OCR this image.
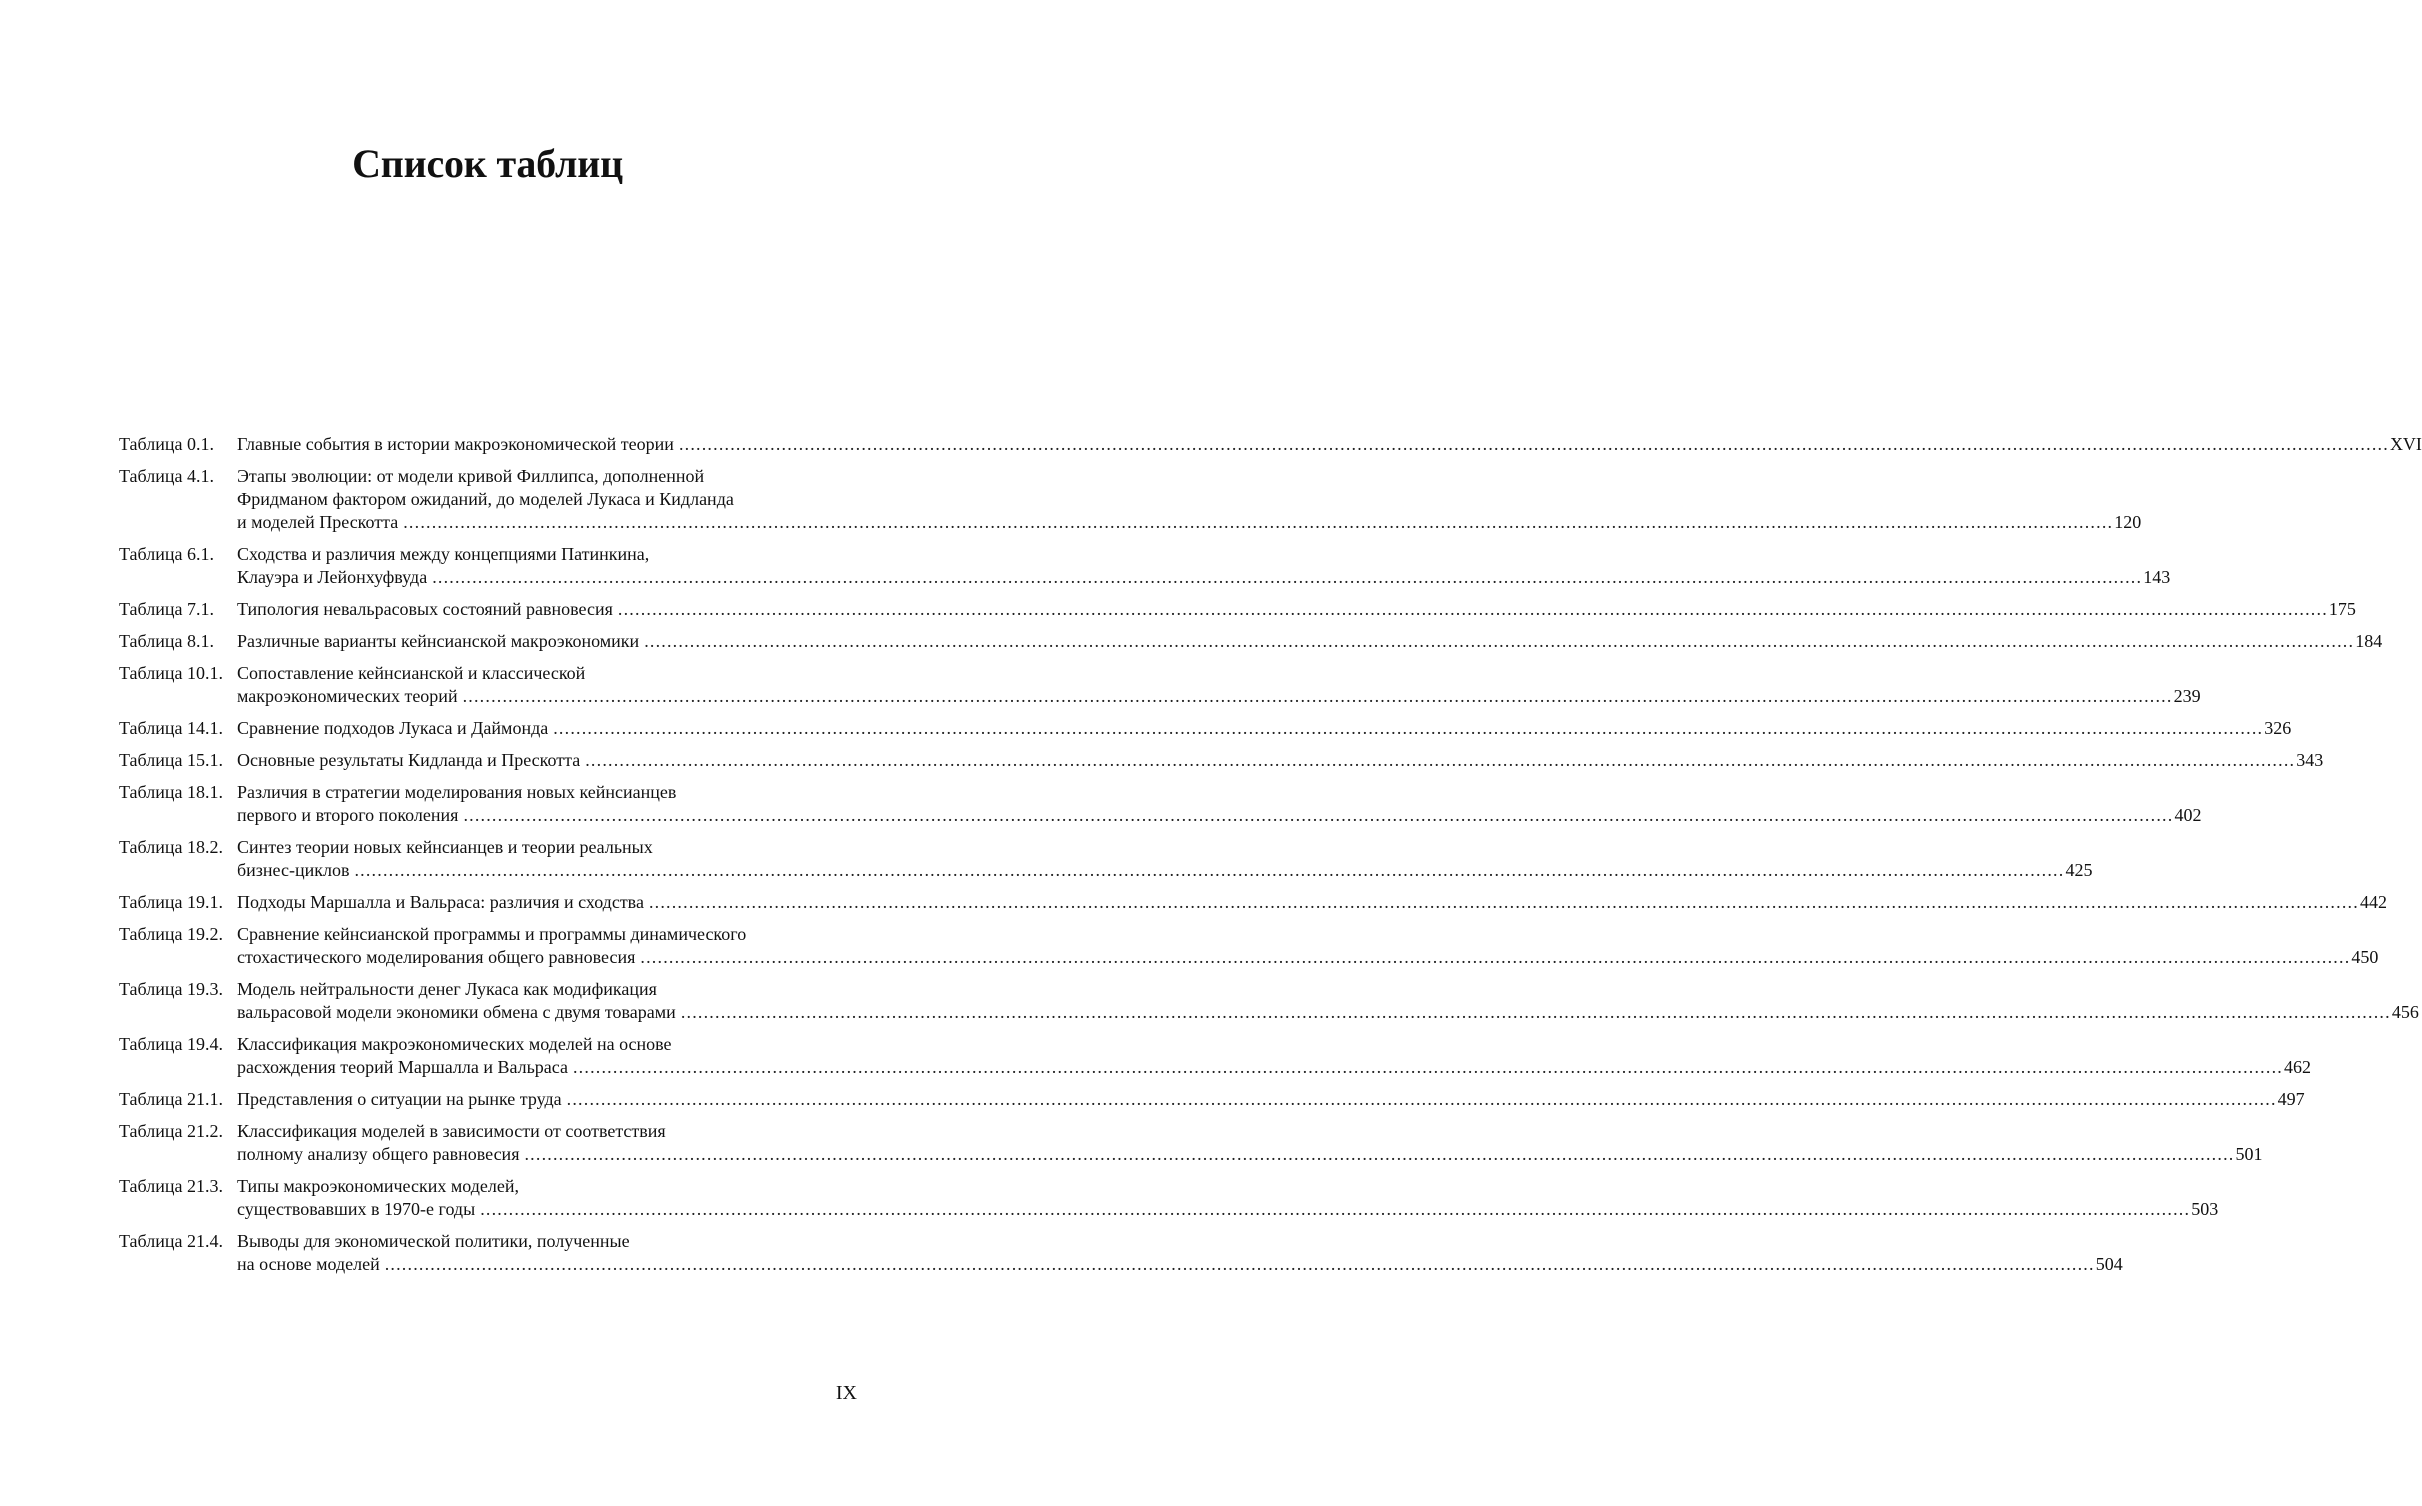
Список таблиц
Таблица 0.1.	Главные события в истории макроэкономической теории ............................................................................................................................................................................................................................................................................................................ XVI
Таблица 4.1.	Этапы эволюции: от модели кривой Филлипса, дополненной
Фридманом фактором ожиданий, до моделей Лукаса и Кидланда
и моделей Прескотта ............................................................................................................................................................................................................................................................................................................ 120
Таблица 6.1.	Сходства и различия между концепциями Патинкина,
Клауэра и Лейонхуфвуда ............................................................................................................................................................................................................................................................................................................ 143
Таблица 7.1.	Типология невальрасовых состояний равновесия ............................................................................................................................................................................................................................................................................................................ 175
Таблица 8.1.	Различные варианты кейнсианской макроэкономики ............................................................................................................................................................................................................................................................................................................ 184
Таблица 10.1. Сопоставление кейнсианской и классической
макроэкономических теорий ............................................................................................................................................................................................................................................................................................................ 239
Таблица 14.1. Сравнение подходов Лукаса и Даймонда ............................................................................................................................................................................................................................................................................................................ 326
Таблица 15.1. Основные результаты Кидланда и Прескотта ............................................................................................................................................................................................................................................................................................................ 343
Таблица 18.1. Различия в стратегии моделирования новых кейнсианцев
первого и второго поколения ............................................................................................................................................................................................................................................................................................................ 402
Таблица 18.2. Синтез теории новых кейнсианцев и теории реальных
бизнес-циклов ............................................................................................................................................................................................................................................................................................................ 425
Таблица 19.1. Подходы Маршалла и Вальраса: различия и сходства ............................................................................................................................................................................................................................................................................................................ 442
Таблица 19.2. Сравнение кейнсианской программы и программы динамического
стохастического моделирования общего равновесия ............................................................................................................................................................................................................................................................................................................ 450
Таблица 19.3. Модель нейтральности денег Лукаса как модификация
вальрасовой модели экономики обмена с двумя товарами ............................................................................................................................................................................................................................................................................................................ 456
Таблица 19.4. Классификация макроэкономических моделей на основе
расхождения теорий Маршалла и Вальраса ............................................................................................................................................................................................................................................................................................................ 462
Таблица 21.1. Представления о ситуации на рынке труда ............................................................................................................................................................................................................................................................................................................ 497
Таблица 21.2. Классификация моделей в зависимости от соответствия
полному анализу общего равновесия ............................................................................................................................................................................................................................................................................................................ 501
Таблица 21.3. Типы макроэкономических моделей,
существовавших в 1970-е годы ............................................................................................................................................................................................................................................................................................................ 503
Таблица 21.4. Выводы для экономической политики, полученные
на основе моделей ............................................................................................................................................................................................................................................................................................................ 504
IX
